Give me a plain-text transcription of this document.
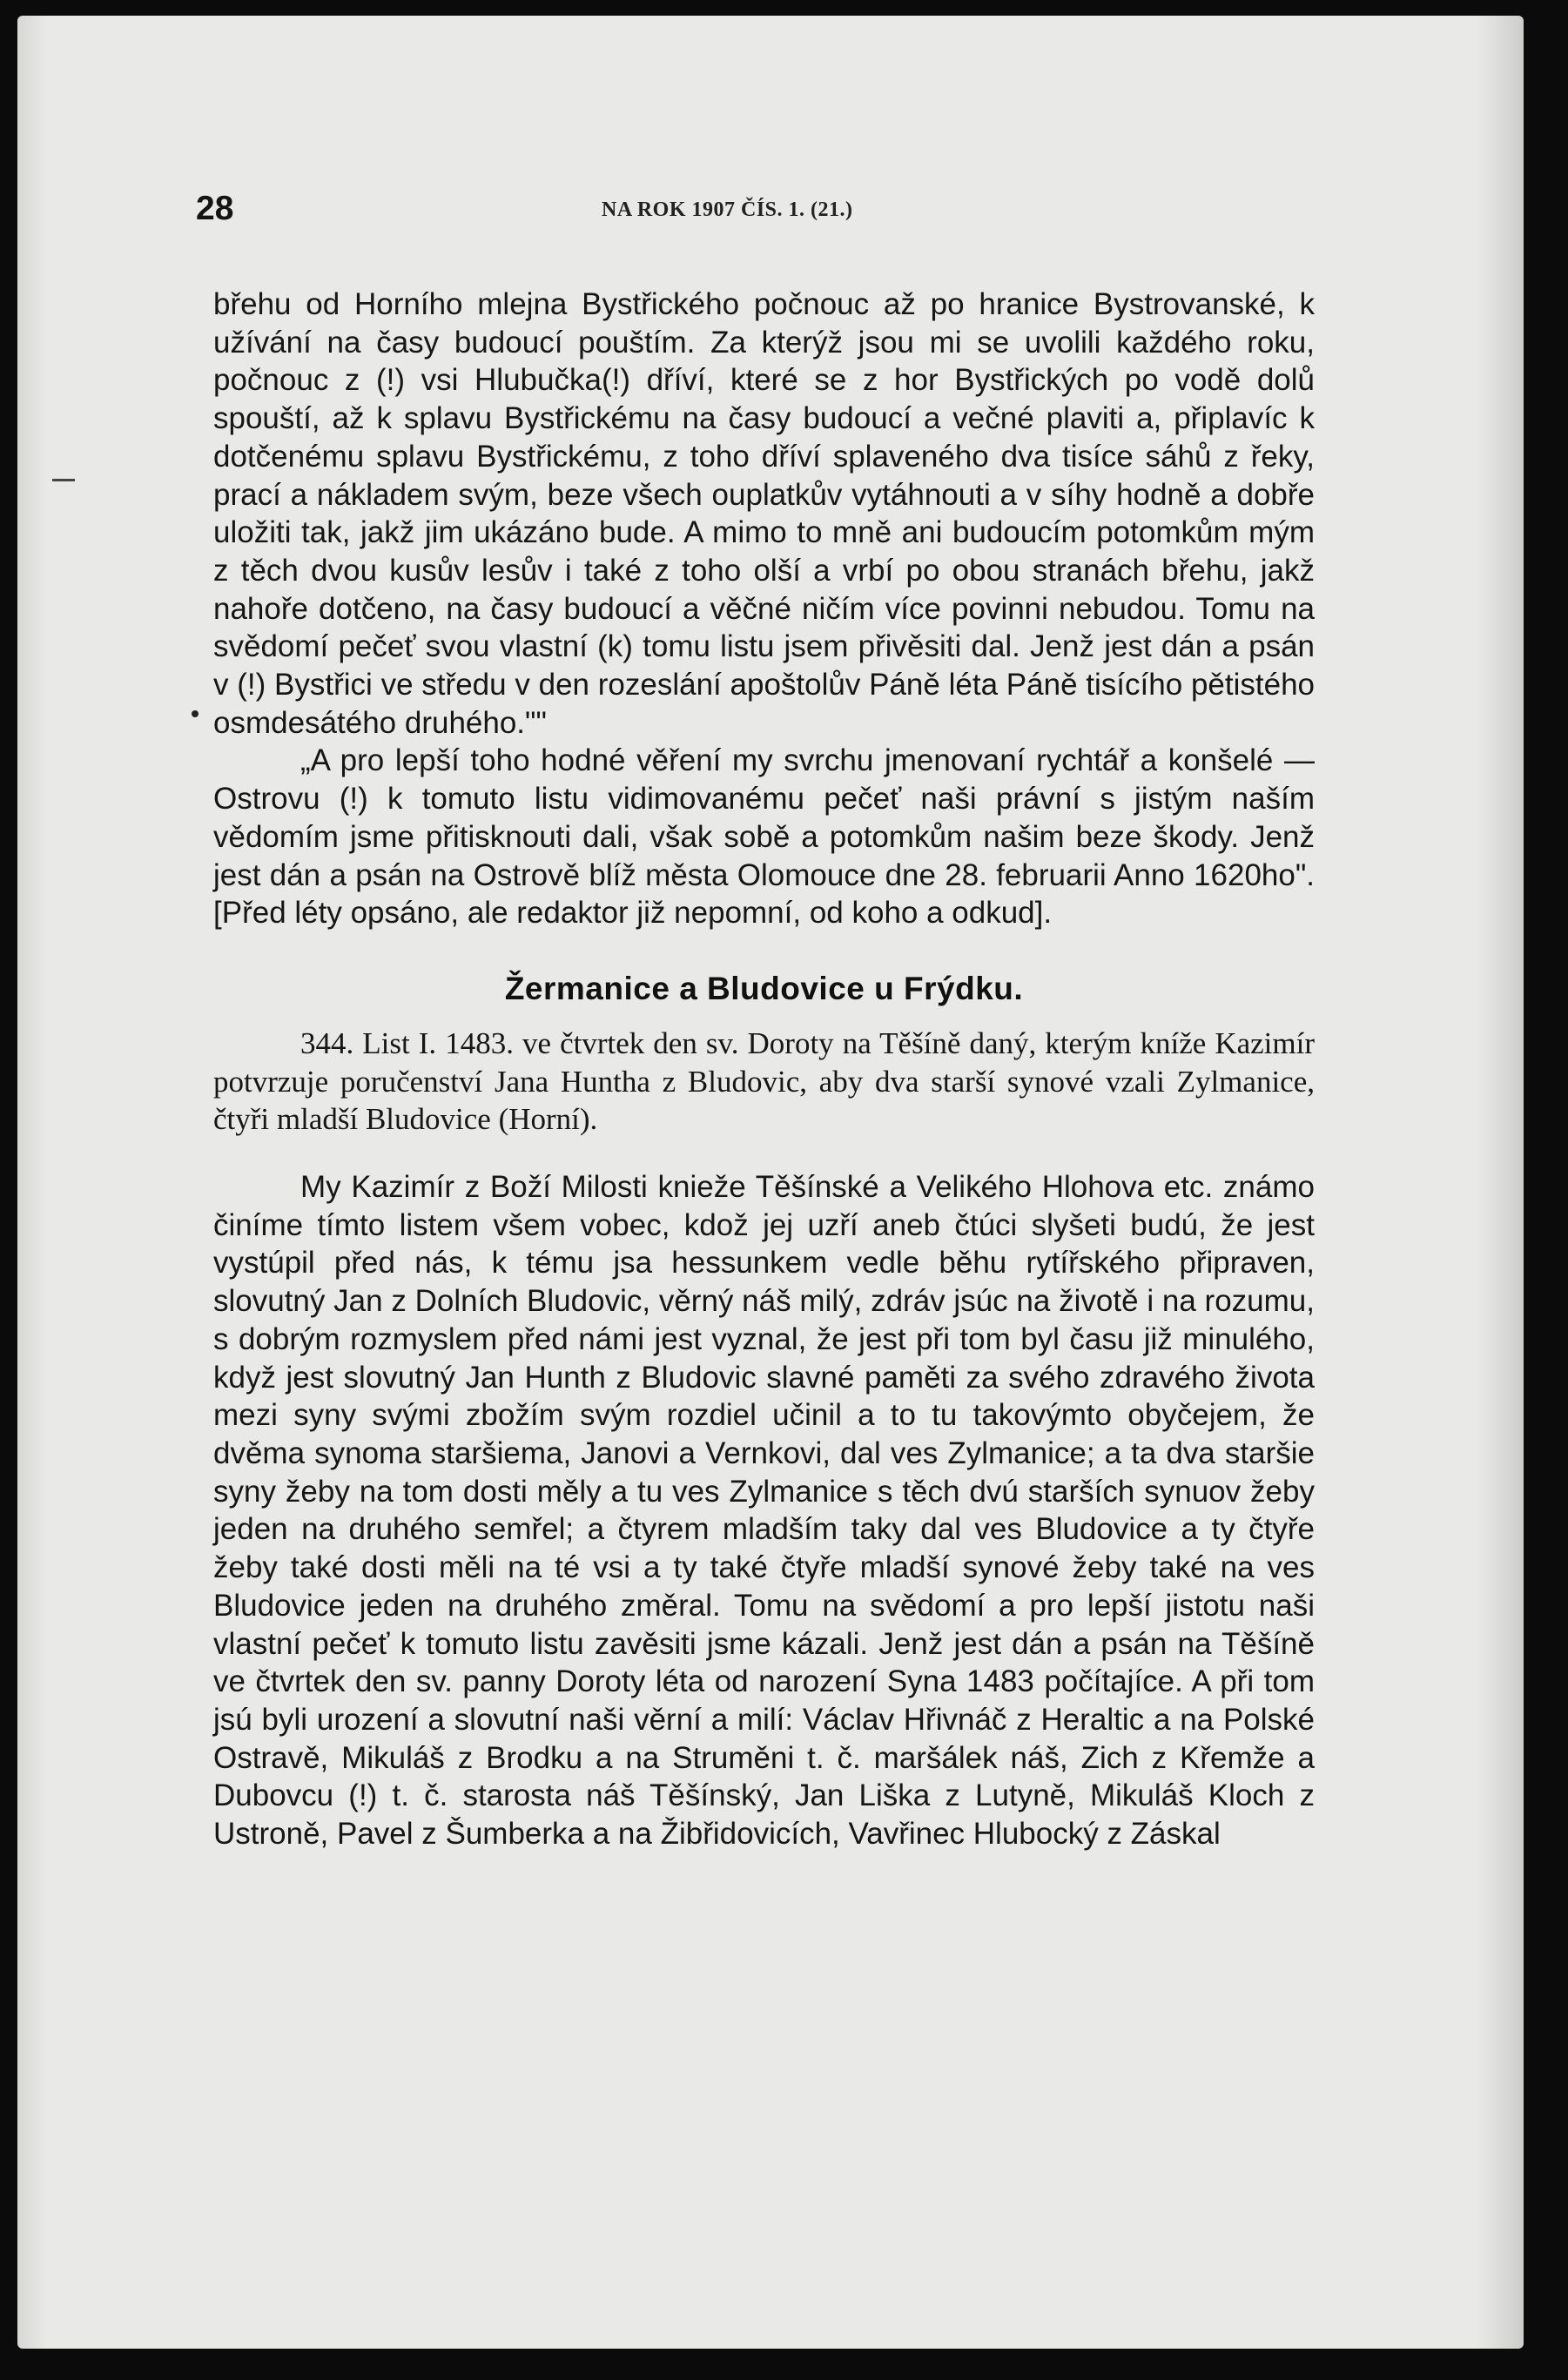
28	NA ROK 1907 ČÍS. 1. (21.)

břehu od Horního mlejna Bystřického počnouc až po hranice Bystrovanské, k užívání na časy budoucí pouštím. Za kterýž jsou mi se uvolili každého roku, počnouc z (!) vsi Hlubučka(!) dříví, které se z hor Bystřických po vodě dolů spouští, až k splavu Bystřickému na časy budoucí a večné plaviti a, připlavíc k dotčenému splavu Bystřickému, z toho dříví splaveného dva tisíce sáhů z řeky, prací a nákladem svým, beze všech ouplatkův vytáhnouti a v síhy hodně a dobře uložiti tak, jakž jim ukázáno bude. A mimo to mně ani budoucím potomkům mým z těch dvou kusův lesův i také z toho olší a vrbí po obou stranách břehu, jakž nahoře dotčeno, na časy budoucí a věčné ničím více povinni nebudou. Tomu na svědomí pečeť svou vlastní (k) tomu listu jsem přivěsiti dal. Jenž jest dán a psán v (!) Bystřici ve středu v den rozeslání apoštolův Páně léta Páně tisícího pětistého osmdesátého druhého.""

„A pro lepší toho hodné věření my svrchu jmenovaní rychtář a konšelé — Ostrovu (!) k tomuto listu vidimovanému pečeť naši právní s jistým naším vědomím jsme přitisknouti dali, však sobě a potomkům našim beze škody. Jenž jest dán a psán na Ostrově blíž města Olomouce dne 28. februarii Anno 1620ho". [Před léty opsáno, ale redaktor již nepomní, od koho a odkud].

Žermanice a Bludovice u Frýdku.

344. List I. 1483. ve čtvrtek den sv. Doroty na Těšíně daný, kterým kníže Kazimír potvrzuje poručenství Jana Huntha z Bludovic, aby dva starší synové vzali Zylmanice, čtyři mladší Bludovice (Horní).

My Kazimír z Boží Milosti knieže Těšínské a Velikého Hlohova etc. známo činíme tímto listem všem vobec, kdož jej uzří aneb čtúci slyšeti budú, že jest vystúpil před nás, k tému jsa hessunkem vedle běhu rytířského připraven, slovutný Jan z Dolních Bludovic, věrný náš milý, zdráv jsúc na životě i na rozumu, s dobrým rozmyslem před námi jest vyznal, že jest při tom byl času již minulého, když jest slovutný Jan Hunth z Bludovic slavné paměti za svého zdravého života mezi syny svými zbožím svým rozdiel učinil a to tu takovýmto obyčejem, že dvěma synoma staršiema, Janovi a Vernkovi, dal ves Zylmanice; a ta dva staršie syny žeby na tom dosti měly a tu ves Zylmanice s těch dvú starších synuov žeby jeden na druhého semřel; a čtyrem mladším taky dal ves Bludovice a ty čtyře žeby také dosti měli na té vsi a ty také čtyře mladší synové žeby také na ves Bludovice jeden na druhého změral. Tomu na svědomí a pro lepší jistotu naši vlastní pečeť k tomuto listu zavěsiti jsme kázali. Jenž jest dán a psán na Těšíně ve čtvrtek den sv. panny Doroty léta od narození Syna 1483 počítajíce. A při tom jsú byli urození a slovutní naši věrní a milí: Václav Hřivnáč z Heraltic a na Polské Ostravě, Mikuláš z Brodku a na Struměni t. č. maršálek náš, Zich z Křemže a Dubovcu (!) t. č. starosta náš Těšínský, Jan Liška z Lutyně, Mikuláš Kloch z Ustroně, Pavel z Šumberka a na Žibřidovicích, Vavřinec Hlubocký z Záskal
